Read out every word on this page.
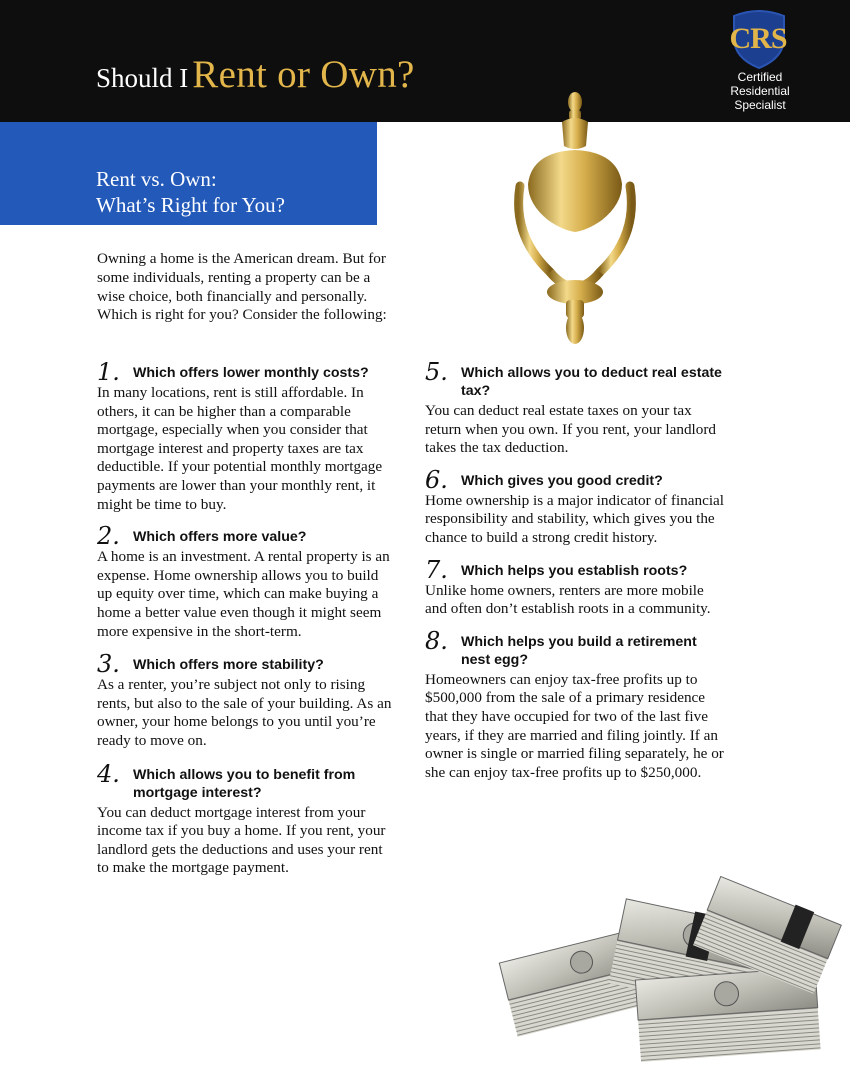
Should I Rent or Own?
CRS
Certified
Residential
Specialist
Rent vs. Own:
What’s Right for You?
Owning a home is the American dream. But for some individuals, renting a property can be a wise choice, both financially and personally. Which is right for you? Consider the following:
1. Which offers lower monthly costs?
In many locations, rent is still affordable. In others, it can be higher than a comparable mortgage, especially when you consider that mortgage interest and property taxes are tax deductible. If your potential monthly mortgage payments are lower than your monthly rent, it might be time to buy.
2. Which offers more value?
A home is an investment. A rental property is an expense. Home ownership allows you to build up equity over time, which can make buying a home a better value even though it might seem more expensive in the short-term.
3. Which offers more stability?
As a renter, you’re subject not only to rising rents, but also to the sale of your building. As an owner, your home belongs to you until you’re ready to move on.
4. Which allows you to benefit from mortgage interest?
You can deduct mortgage interest from your income tax if you buy a home. If you rent, your landlord gets the deductions and uses your rent to make the mortgage payment.
5. Which allows you to deduct real estate tax?
You can deduct real estate taxes on your tax return when you own. If you rent, your landlord takes the tax deduction.
6. Which gives you good credit?
Home ownership is a major indicator of financial responsibility and stability, which gives you the chance to build a strong credit history.
7. Which helps you establish roots?
Unlike home owners, renters are more mobile and often don’t establish roots in a community.
8. Which helps you build a retirement nest egg?
Homeowners can enjoy tax-free profits up to $500,000 from the sale of a primary residence that they have occupied for two of the last five years, if they are married and filing jointly. If an owner is single or married filing separately, he or she can enjoy tax-free profits up to $250,000.
